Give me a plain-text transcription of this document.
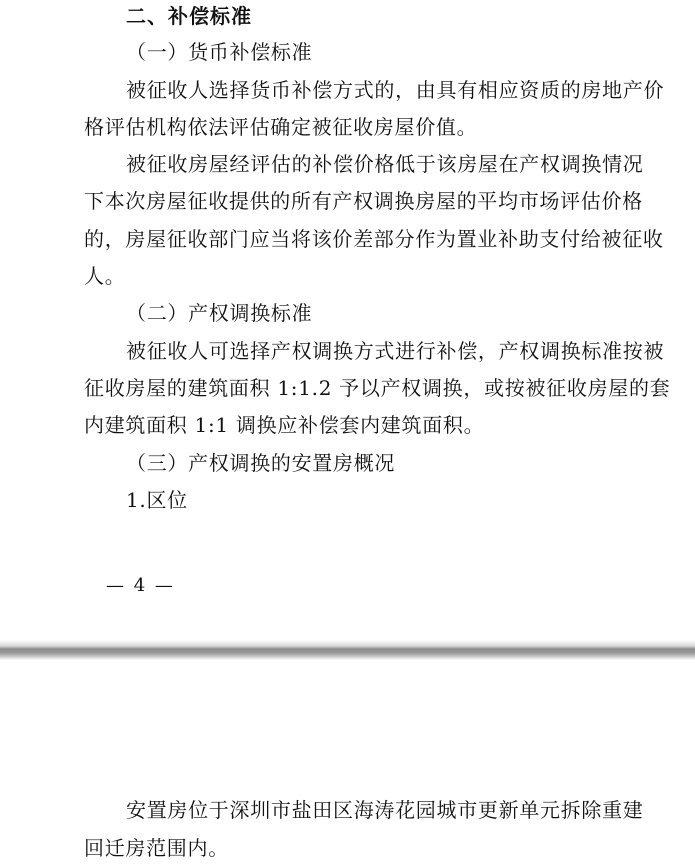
二、补偿标准
（一）货币补偿标准
被征收人选择货币补偿方式的，由具有相应资质的房地产价
格评估机构依法评估确定被征收房屋价值。
被征收房屋经评估的补偿价格低于该房屋在产权调换情况
下本次房屋征收提供的所有产权调换房屋的平均市场评估价格
的，房屋征收部门应当将该价差部分作为置业补助支付给被征收
人。
（二）产权调换标准
被征收人可选择产权调换方式进行补偿，产权调换标准按被
征收房屋的建筑面积 1:1.2 予以产权调换，或按被征收房屋的套
内建筑面积 1:1 调换应补偿套内建筑面积。
（三）产权调换的安置房概况
1.区位
— 4 —
安置房位于深圳市盐田区海涛花园城市更新单元拆除重建
回迁房范围内。
